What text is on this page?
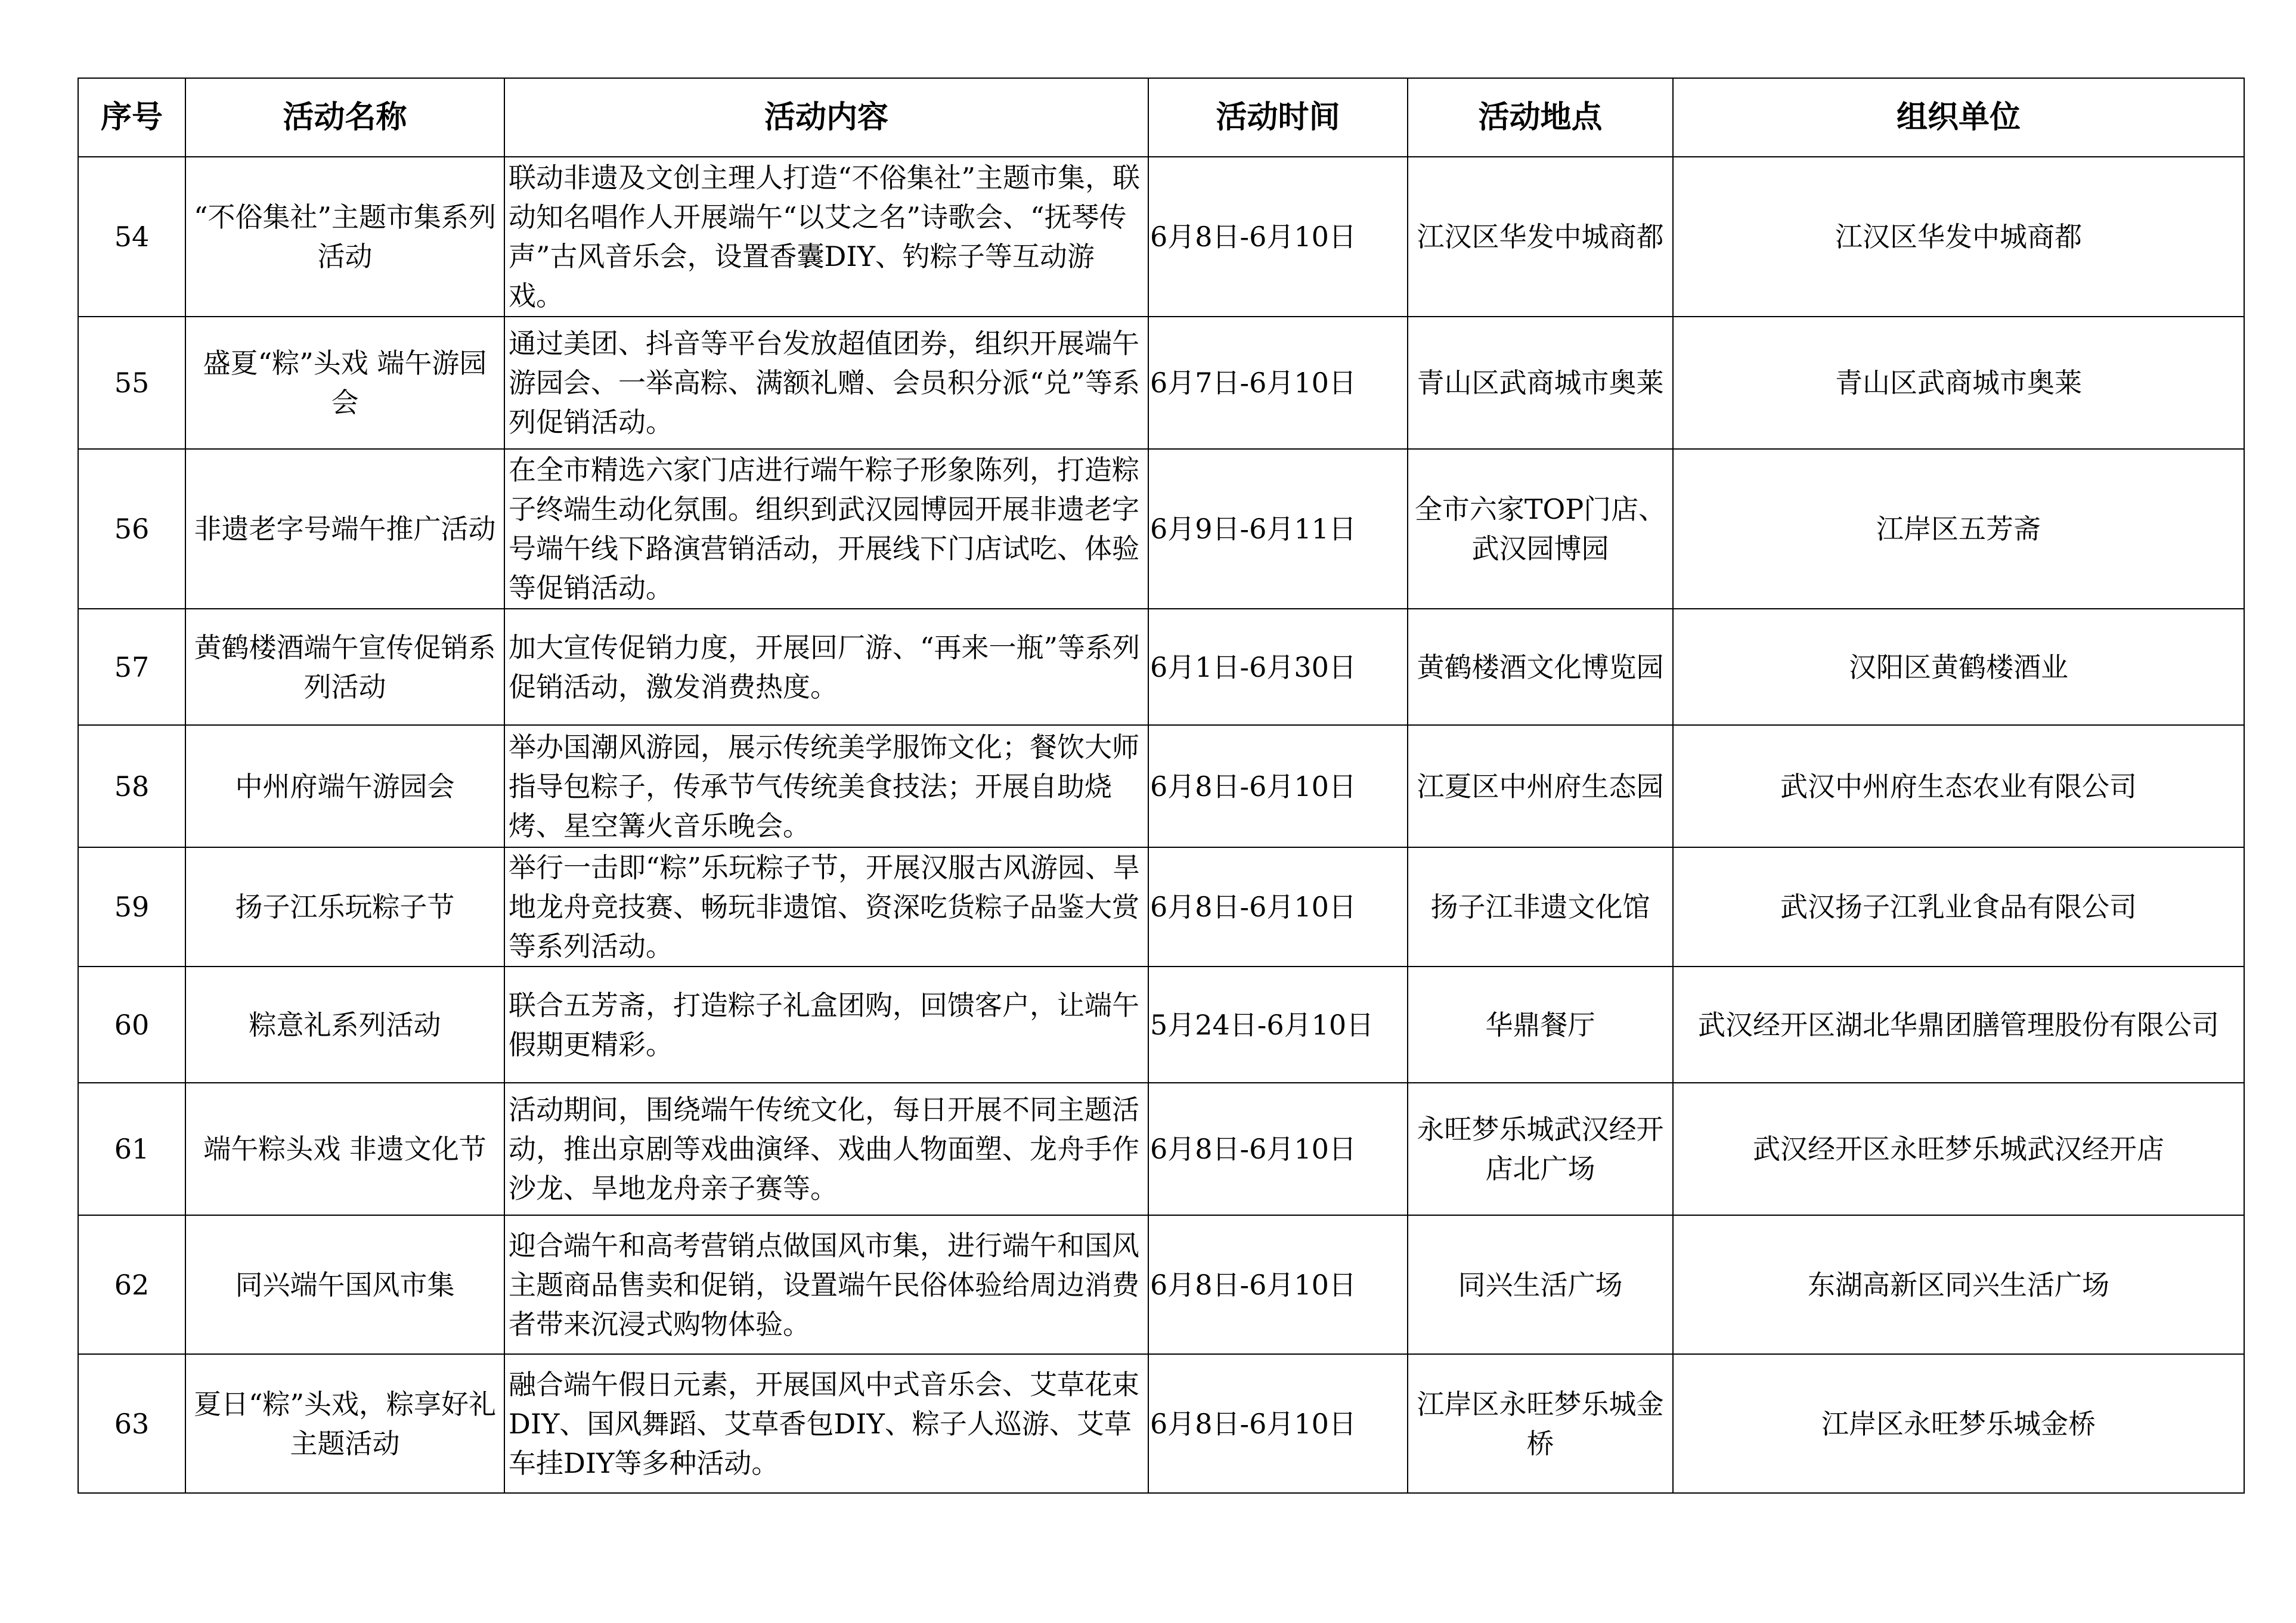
序号	活动名称	活动内容	活动时间	活动地点	组织单位
54	“不俗集社”主题市集系列活动	联动非遗及文创主理人打造“不俗集社”主题市集，联动知名唱作人开展端午“以艾之名”诗歌会、“抚琴传声”古风音乐会，设置香囊DIY、钓粽子等互动游戏。	6月8日-6月10日	江汉区华发中城商都	江汉区华发中城商都
55	盛夏“粽”头戏 端午游园会	通过美团、抖音等平台发放超值团券，组织开展端午游园会、一举高粽、满额礼赠、会员积分派“兑”等系列促销活动。	6月7日-6月10日	青山区武商城市奥莱	青山区武商城市奥莱
56	非遗老字号端午推广活动	在全市精选六家门店进行端午粽子形象陈列，打造粽子终端生动化氛围。组织到武汉园博园开展非遗老字号端午线下路演营销活动，开展线下门店试吃、体验等促销活动。	6月9日-6月11日	全市六家TOP门店、武汉园博园	江岸区五芳斋
57	黄鹤楼酒端午宣传促销系列活动	加大宣传促销力度，开展回厂游、“再来一瓶”等系列促销活动，激发消费热度。	6月1日-6月30日	黄鹤楼酒文化博览园	汉阳区黄鹤楼酒业
58	中州府端午游园会	举办国潮风游园，展示传统美学服饰文化；餐饮大师指导包粽子，传承节气传统美食技法；开展自助烧烤、星空篝火音乐晚会。	6月8日-6月10日	江夏区中州府生态园	武汉中州府生态农业有限公司
59	扬子江乐玩粽子节	举行一击即“粽”乐玩粽子节，开展汉服古风游园、旱地龙舟竞技赛、畅玩非遗馆、资深吃货粽子品鉴大赏等系列活动。	6月8日-6月10日	扬子江非遗文化馆	武汉扬子江乳业食品有限公司
60	粽意礼系列活动	联合五芳斋，打造粽子礼盒团购，回馈客户，让端午假期更精彩。	5月24日-6月10日	华鼎餐厅	武汉经开区湖北华鼎团膳管理股份有限公司
61	端午粽头戏 非遗文化节	活动期间，围绕端午传统文化，每日开展不同主题活动，推出京剧等戏曲演绎、戏曲人物面塑、龙舟手作沙龙、旱地龙舟亲子赛等。	6月8日-6月10日	永旺梦乐城武汉经开店北广场	武汉经开区永旺梦乐城武汉经开店
62	同兴端午国风市集	迎合端午和高考营销点做国风市集，进行端午和国风主题商品售卖和促销，设置端午民俗体验给周边消费者带来沉浸式购物体验。	6月8日-6月10日	同兴生活广场	东湖高新区同兴生活广场
63	夏日“粽”头戏，粽享好礼主题活动	融合端午假日元素，开展国风中式音乐会、艾草花束DIY、国风舞蹈、艾草香包DIY、粽子人巡游、艾草车挂DIY等多种活动。	6月8日-6月10日	江岸区永旺梦乐城金桥	江岸区永旺梦乐城金桥
